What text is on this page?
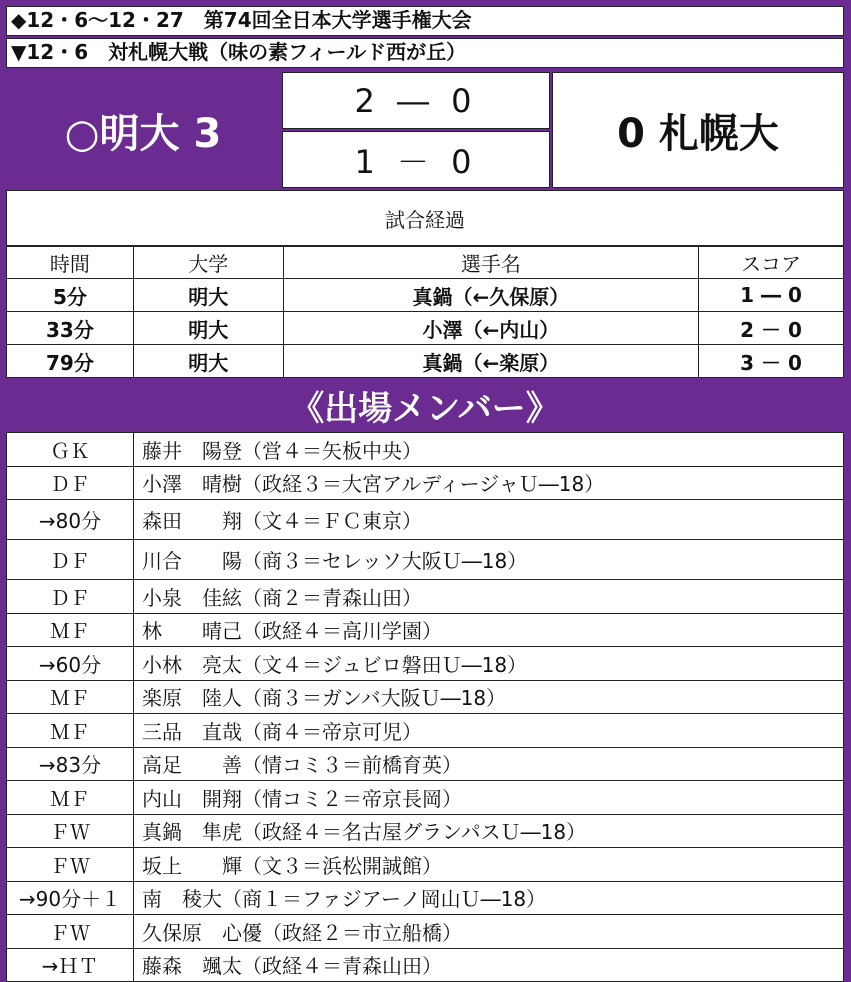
◆12・6～12・27　第74回全日本大学選手権大会
▼12・6　対札幌大戦（味の素フィールド西が丘）
○明大 3
2 ― 0
1 － 0
0 札幌大
試合経過
時間	大学	選手名	スコア
5分	明大	真鍋（←久保原）	1 ― 0
33分	明大	小澤（←内山）	2 － 0
79分	明大	真鍋（←楽原）	3 － 0
《出場メンバー》
ＧＫ	藤井　陽登（営４＝矢板中央）
ＤＦ	小澤　晴樹（政経３＝大宮アルディージャＵ―18）
→80分	森田　　翔（文４＝ＦＣ東京）
ＤＦ	川合　　陽（商３＝セレッソ大阪Ｕ―18）
ＤＦ	小泉　佳絃（商２＝青森山田）
ＭＦ	林　　晴己（政経４＝高川学園）
→60分	小林　亮太（文４＝ジュビロ磐田Ｕ―18）
ＭＦ	楽原　陸人（商３＝ガンバ大阪Ｕ―18）
ＭＦ	三品　直哉（商４＝帝京可児）
→83分	高足　　善（情コミ３＝前橋育英）
ＭＦ	内山　開翔（情コミ２＝帝京長岡）
ＦＷ	真鍋　隼虎（政経４＝名古屋グランパスＵ―18）
ＦＷ	坂上　　輝（文３＝浜松開誠館）
→90分＋１	南　稜大（商１＝ファジアーノ岡山Ｕ―18）
ＦＷ	久保原　心優（政経２＝市立船橋）
→ＨＴ	藤森　颯太（政経４＝青森山田）
